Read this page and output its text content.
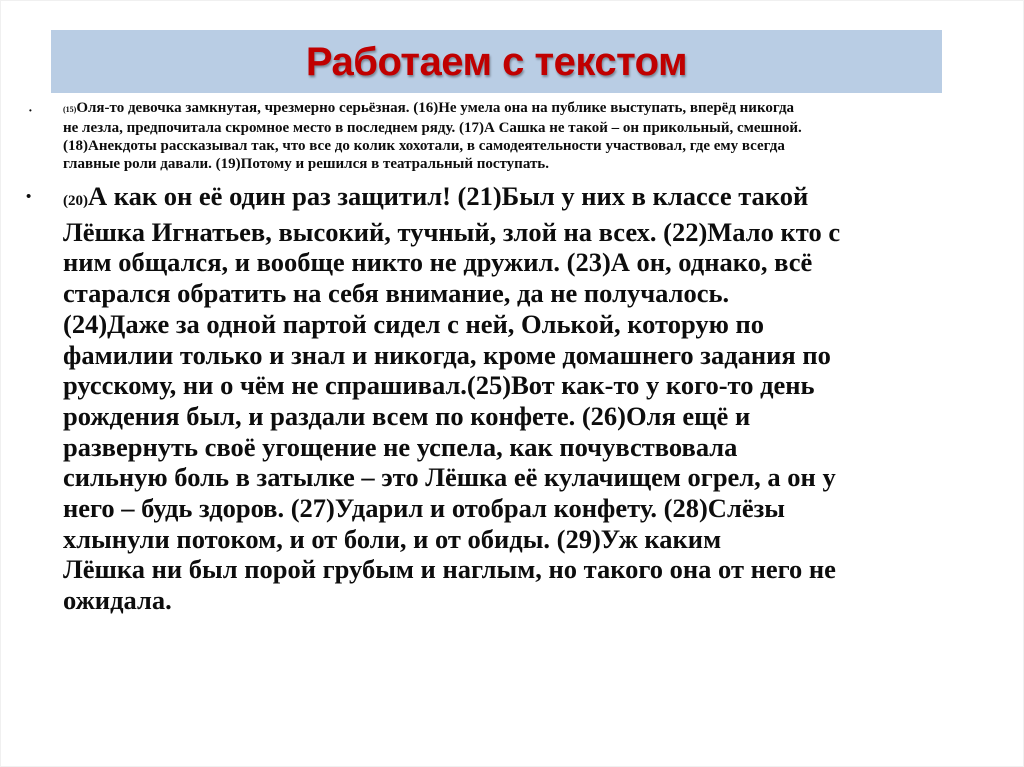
Работаем с текстом
•	(15)Оля-то девочка замкнутая, чрезмерно серьёзная. (16)Не умела она на публике выступать, вперёд никогда
не лезла, предпочитала скромное место в последнем ряду. (17)А Сашка не такой – он прикольный, смешной.
(18)Анекдоты рассказывал так, что все до колик хохотали, в самодеятельности участвовал, где ему всегда
главные роли давали. (19)Потому и решился в театральный поступать.
• (20)А как он её один раз защитил! (21)Был у них в классе такой
Лёшка Игнатьев, высокий, тучный, злой на всех. (22)Мало кто с
ним общался, и вообще никто не дружил. (23)А он, однако, всё
старался обратить на себя внимание, да не получалось.
(24)Даже за одной партой сидел с ней, Олькой, которую по
фамилии только и знал и никогда, кроме домашнего задания по
русскому, ни о чём не спрашивал.(25)Вот как-то у кого-то день
рождения был, и раздали всем по конфете. (26)Оля ещё и
развернуть своё угощение не успела, как почувствовала
сильную боль в затылке – это Лёшка её кулачищем огрел, а он у
него – будь здоров. (27)Ударил и отобрал конфету. (28)Слёзы
хлынули потоком, и от боли, и от обиды. (29)Уж каким
Лёшка ни был порой грубым и наглым, но такого она от него не
ожидала.
